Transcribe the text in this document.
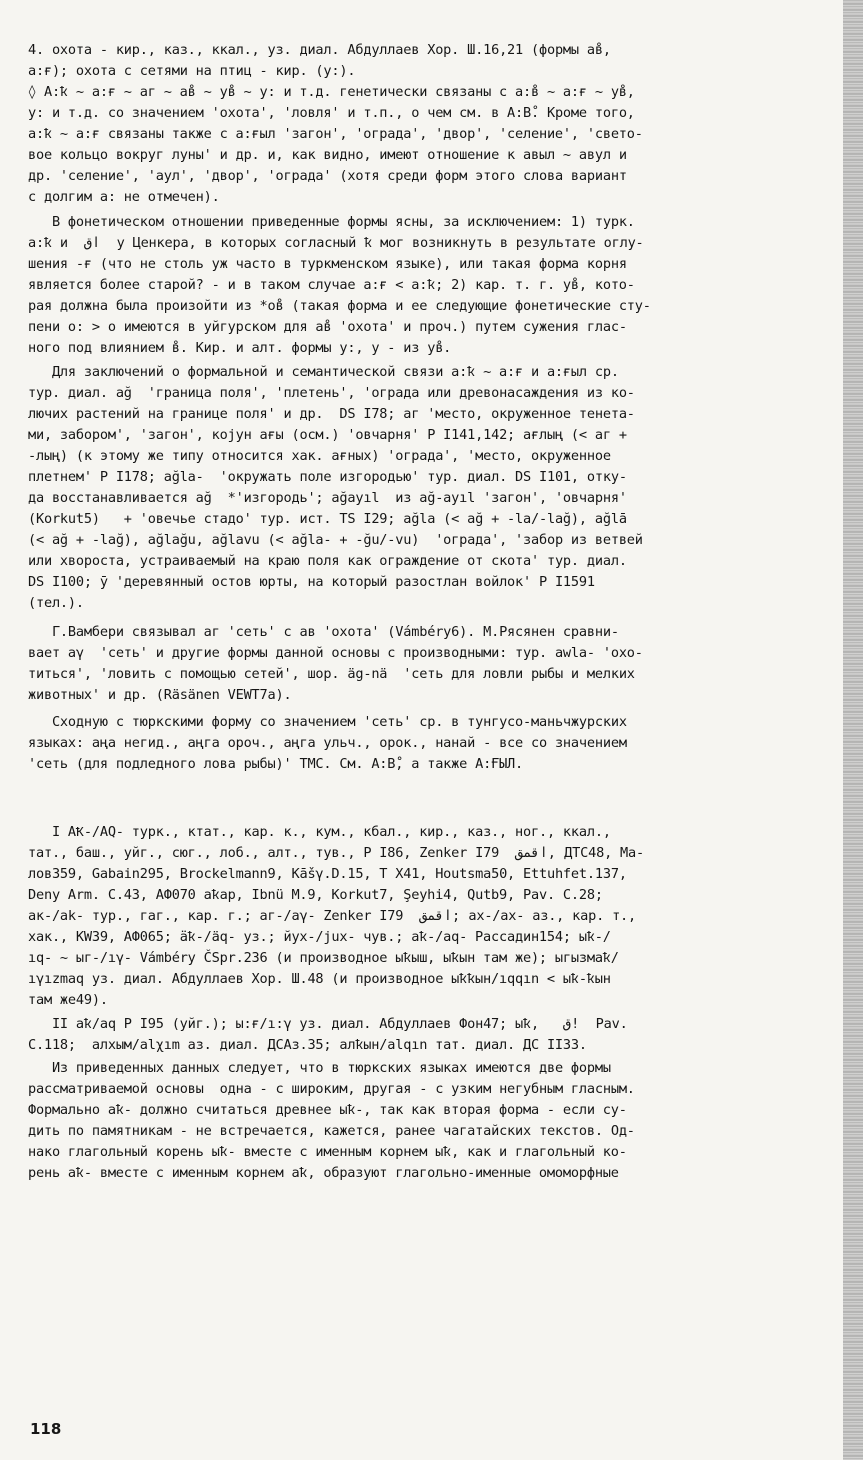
4. охота - кир., каз., ккал., уз. диал. Абдуллаев Хор. Ш.16,21 (формы ав̊,
а:ғ); охота с сетями на птиц - кир. (у:).
◊ А:ҟ ~ а:ғ ~ аг ~ ав̊ ~ ув̊ ~ у: и т.д. генетически связаны с а:в̊ ~ а:ғ ~ ув̊,
у: и т.д. со значением 'охота', 'ловля' и т.п., о чем см. в А:В̊. Кроме того,
а:ҟ ~ а:ғ связаны также с а:ғыл 'загон', 'ограда', 'двор', 'селение', 'свето-
вое кольцо вокруг луны' и др. и, как видно, имеют отношение к авыл ~ авул и
др. 'селение', 'аул', 'двор', 'ограда' (хотя среди форм этого слова вариант
с долгим а: не отмечен).
В фонетическом отношении приведенные формы ясны, за исключением: 1) турк.
а:ҟ и  اق  у Ценкера, в которых согласный ҟ мог возникнуть в результате оглу-
шения -ғ (что не столь уж часто в туркменском языке), или такая форма корня
является более старой? - и в таком случае а:ғ < а:ҟ; 2) кар. т. г. ув̊, кото-
рая должна была произойти из *ов̊ (такая форма и ее следующие фонетические сту-
пени о: > о имеются в уйгурском для ав̊ 'охота' и проч.) путем сужения глас-
ного под влиянием в̊. Кир. и алт. формы у:, у - из ув̊.
Для заключений о формальной и семантической связи а:ҟ ~ а:ғ и а:ғыл ср.
тур. диал. ağ  'граница поля', 'плетень', 'ограда или древонасаждения из ко-
лючих растений на границе поля' и др.  DS I78; аг 'место, окруженное тенета-
ми, забором', 'загон', коjун ағы (осм.) 'овчарня' P I141,142; ағлың (< аг +
-лың) (к этому же типу относится хак. ағных) 'ограда', 'место, окруженное
плетнем' P I178; ağla-  'окружать поле изгородью' тур. диал. DS I101, отку-
да восстанавливается ağ  *'изгородь'; ağayıl  из ağ-ayıl 'загон', 'овчарня'
(Korkut5)   + 'овечье стадо' тур. ист. TS I29; ağla (< ağ + -la/-lağ), ağlā
(< ağ + -lağ), ağlağu, ağlavu (< ağla- + -ğu/-vu)  'ограда', 'забор из ветвей
или хвороста, устраиваемый на краю поля как ограждение от скота' тур. диал.
DS I100; ӯ 'деревянный остов юрты, на который разостлан войлок' P I1591
(тел.).
Г.Вамбери связывал аг 'сеть' с ав 'охота' (Vámbéry6). М.Рясянен сравни-
вает aγ  'сеть' и другие формы данной основы с производными: тур. awla- 'охо-
титься', 'ловить с помощью сетей', шор. äg-nä  'сеть для ловли рыбы и мелких
животных' и др. (Räsänen VEWT7a).
Сходную с тюркскими форму со значением 'сеть' ср. в тунгусо-маньчжурских
языках: аңа негид., аңга ороч., аңга ульч., орок., нанай - все со значением
'сеть (для подледного лова рыбы)' ТМС. См. А:В̊, а также А:ҒЫЛ.
I АҞ-/AQ- турк., ктат., кар. к., кум., кбал., кир., каз., ног., ккал.,
тат., баш., уйг., сюг., лоб., алт., тув., P I86, Zenker I79  اقمق, ДТС48, Ма-
лов359, Gabain295, Brockelmann9, Kāšγ.D.15, T X41, Houtsma50, Ettuhfet.137,
Deny Arm. C.43, АФ070 аҟар, Ibnü M.9, Korkut7, Şeyhi4, Qutb9, Pav. C.28;
ак-/ak- тур., гаг., кар. г.; аг-/aγ- Zenker I79  اقمق; ах-/ax- аз., кар. т.,
хак., KW39, АФ065; ӓҟ-/äq- уз.; йух-/jux- чув.; аҟ-/аq- Рассадин154; ыҟ-/
ıq- ~ ыг-/ıγ- Vámbéry ČSpr.236 (и производное ыҟыш, ыҟын там же); ыгызмаҟ/
ıγızmaq уз. диал. Абдуллаев Хор. Ш.48 (и производное ыҟҟын/ıqqın < ыҟ-ҟын
там же49).
II аҟ/aq P I95 (уйг.); ы:ғ/ı:γ уз. диал. Абдуллаев Фон47; ыҟ,   ق!  Pav.
C.118;  алхым/alχım аз. диал. ДСАз.35; алҟын/alqın тат. диал. ДС II33.
Из приведенных данных следует, что в тюркских языках имеются две формы
рассматриваемой основы  одна - с широким, другая - с узким негубным гласным.
Формально аҟ- должно считаться древнее ыҟ-, так как вторая форма - если су-
дить по памятникам - не встречается, кажется, ранее чагатайских текстов. Од-
нако глагольный корень ыҟ- вместе с именным корнем ыҟ, как и глагольный ко-
рень аҟ- вместе с именным корнем аҟ, образуют глагольно-именные омоморфные
118
